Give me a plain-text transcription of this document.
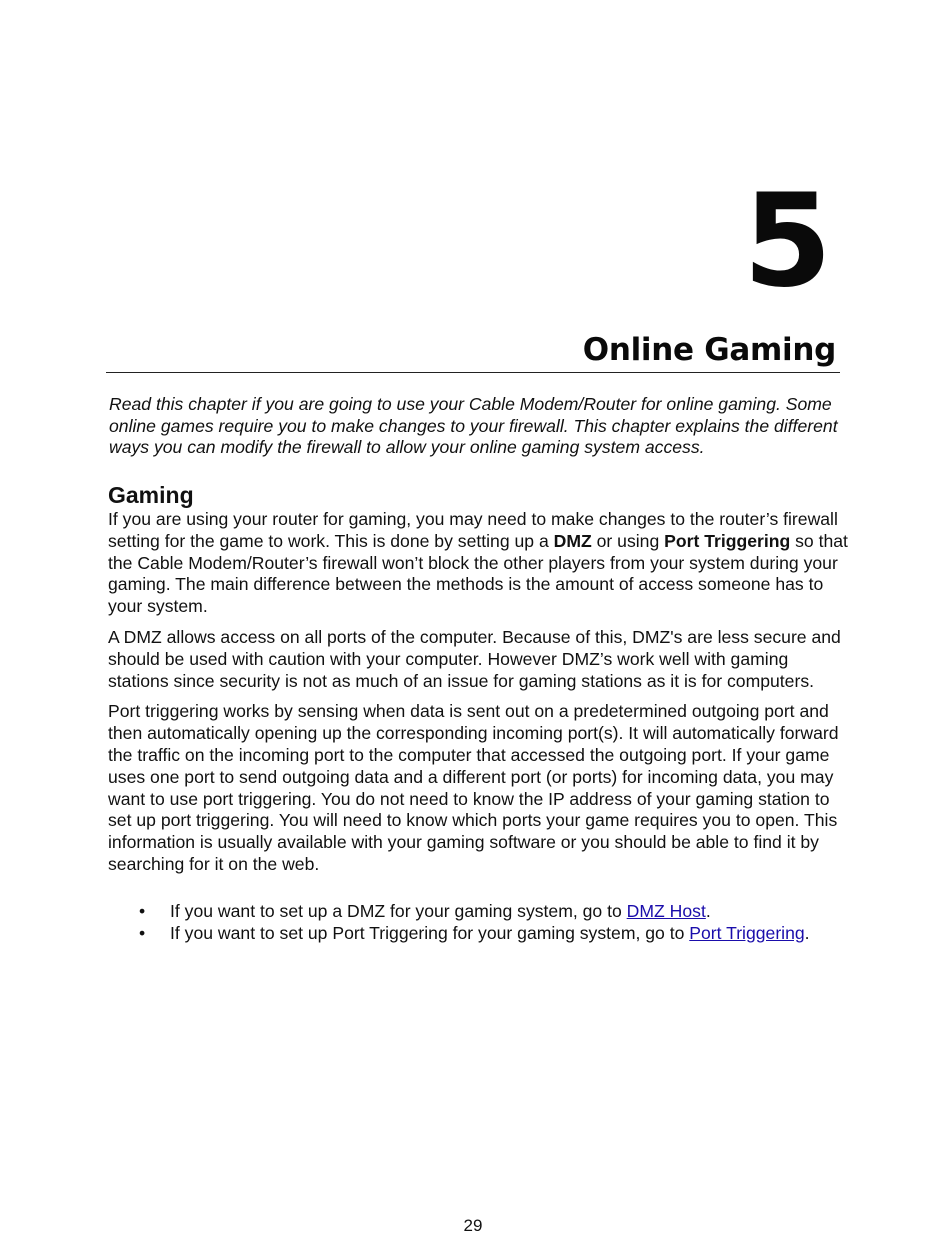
5
Online Gaming

Read this chapter if you are going to use your Cable Modem/Router for online gaming. Some online games require you to make changes to your firewall. This chapter explains the different ways you can modify the firewall to allow your online gaming system access.

Gaming

If you are using your router for gaming, you may need to make changes to the router’s firewall setting for the game to work. This is done by setting up a DMZ or using Port Triggering so that the Cable Modem/Router’s firewall won’t block the other players from your system during your gaming. The main difference between the methods is the amount of access someone has to your system.

A DMZ allows access on all ports of the computer. Because of this, DMZ's are less secure and should be used with caution with your computer. However DMZ’s work well with gaming stations since security is not as much of an issue for gaming stations as it is for computers.

Port triggering works by sensing when data is sent out on a predetermined outgoing port and then automatically opening up the corresponding incoming port(s). It will automatically forward the traffic on the incoming port to the computer that accessed the outgoing port. If your game uses one port to send outgoing data and a different port (or ports) for incoming data, you may want to use port triggering. You do not need to know the IP address of your gaming station to set up port triggering. You will need to know which ports your game requires you to open. This information is usually available with your gaming software or you should be able to find it by searching for it on the web.

• If you want to set up a DMZ for your gaming system, go to DMZ Host.
• If you want to set up Port Triggering for your gaming system, go to Port Triggering.
29
